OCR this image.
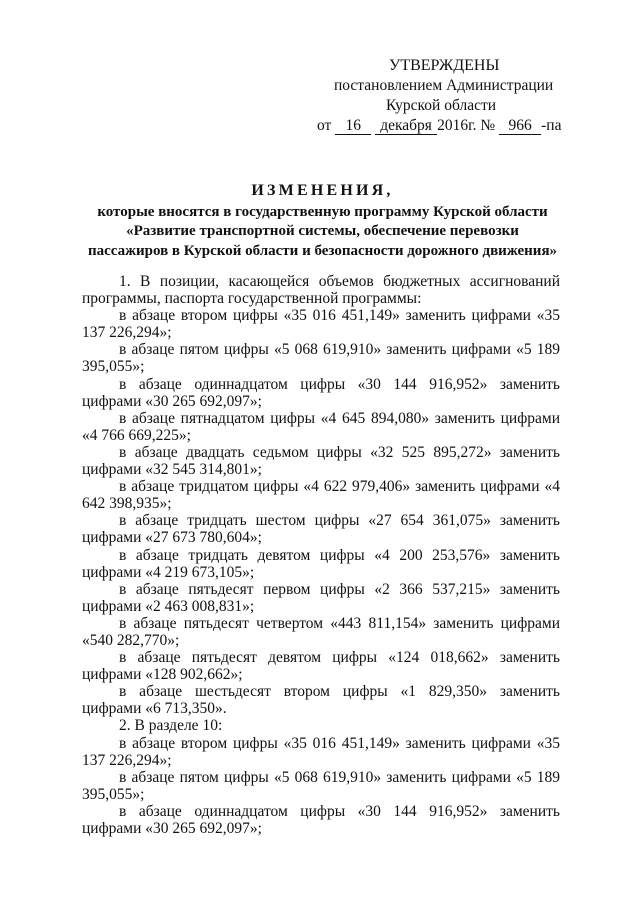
УТВЕРЖДЕНЫ
постановлением Администрации
Курской области
от 16 декабря 2016г. № 966 -па
ИЗМЕНЕНИЯ,
которые вносятся в государственную программу Курской области «Развитие транспортной системы, обеспечение перевозки пассажиров в Курской области и безопасности дорожного движения»
1. В позиции, касающейся объемов бюджетных ассигнований программы, паспорта государственной программы:
в абзаце втором цифры «35 016 451,149» заменить цифрами «35 137 226,294»;
в абзаце пятом цифры «5 068 619,910» заменить цифрами «5 189 395,055»;
в абзаце одиннадцатом цифры «30 144 916,952» заменить цифрами «30 265 692,097»;
в абзаце пятнадцатом цифры «4 645 894,080» заменить цифрами «4 766 669,225»;
в абзаце двадцать седьмом цифры «32 525 895,272» заменить цифрами «32 545 314,801»;
в абзаце тридцатом цифры «4 622 979,406» заменить цифрами «4 642 398,935»;
в абзаце тридцать шестом цифры «27 654 361,075» заменить цифрами «27 673 780,604»;
в абзаце тридцать девятом цифры «4 200 253,576» заменить цифрами «4 219 673,105»;
в абзаце пятьдесят первом цифры «2 366 537,215» заменить цифрами «2 463 008,831»;
в абзаце пятьдесят четвертом «443 811,154» заменить цифрами «540 282,770»;
в абзаце пятьдесят девятом цифры «124 018,662» заменить цифрами «128 902,662»;
в абзаце шестьдесят втором цифры «1 829,350» заменить цифрами «6 713,350».
2. В разделе 10:
в абзаце втором цифры «35 016 451,149» заменить цифрами «35 137 226,294»;
в абзаце пятом цифры «5 068 619,910» заменить цифрами «5 189 395,055»;
в абзаце одиннадцатом цифры «30 144 916,952» заменить цифрами «30 265 692,097»;
